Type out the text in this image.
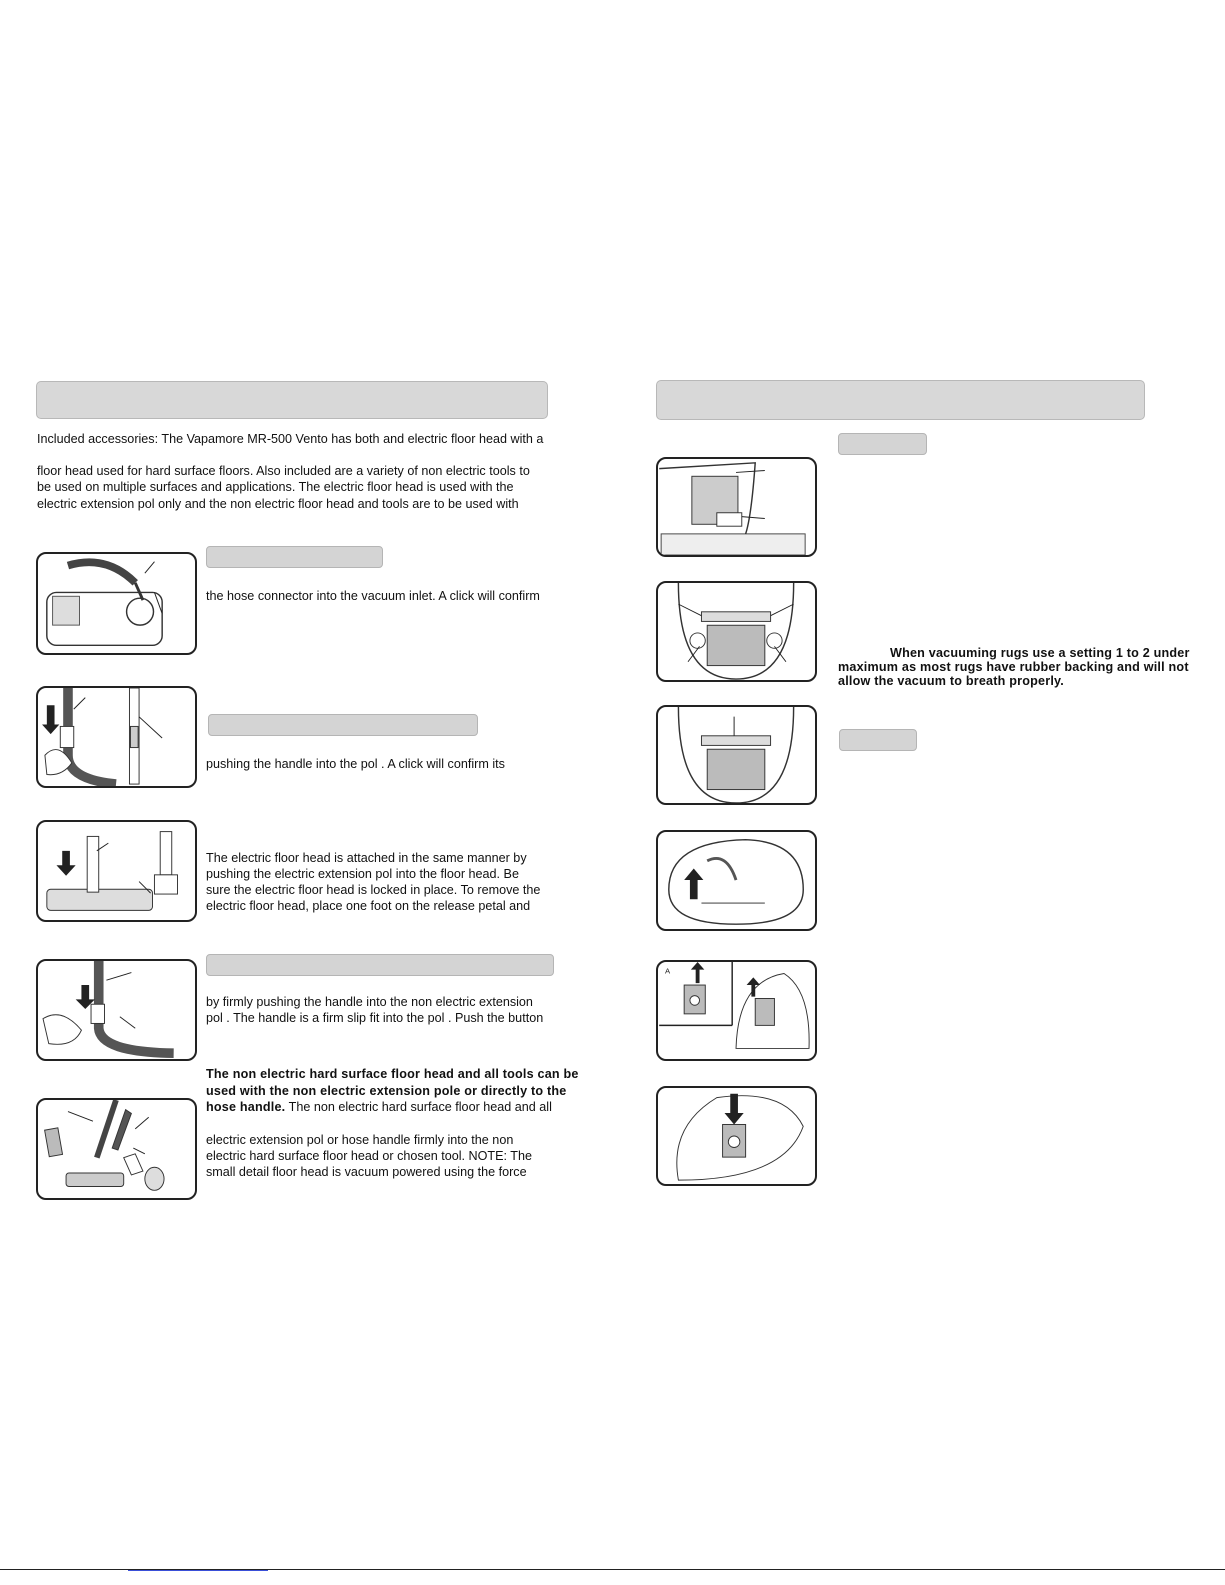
Included accessories: The Vapamore MR-500 Vento has both and electric floor head with a
floor head used for hard surface floors. Also included are a variety of non electric tools to
be used on multiple surfaces and applications. The electric floor head is used with the
electric extension pol only and the non electric floor head and tools are to be used with
the hose connector into the vacuum inlet. A click will confirm
pushing the handle into the pol . A click will confirm its
The electric floor head is attached in the same manner by
pushing the electric extension pol into the floor head. Be
sure the electric floor head is locked in place. To remove the
electric floor head, place one foot on the release petal and
by firmly pushing the handle into the non electric extension
pol . The handle is a firm slip fit into the pol . Push the button
The non electric hard surface floor head and all tools can be
used with the non electric extension pole or directly to the
hose handle. The non electric hard surface floor head and all
electric extension pol or hose handle firmly into the non
electric hard surface floor head or chosen tool. NOTE: The
small detail floor head is vacuum powered using the force
A
When vacuuming rugs use a setting 1 to 2 under
maximum as most rugs have rubber backing and will not
allow the vacuum to breath properly.
